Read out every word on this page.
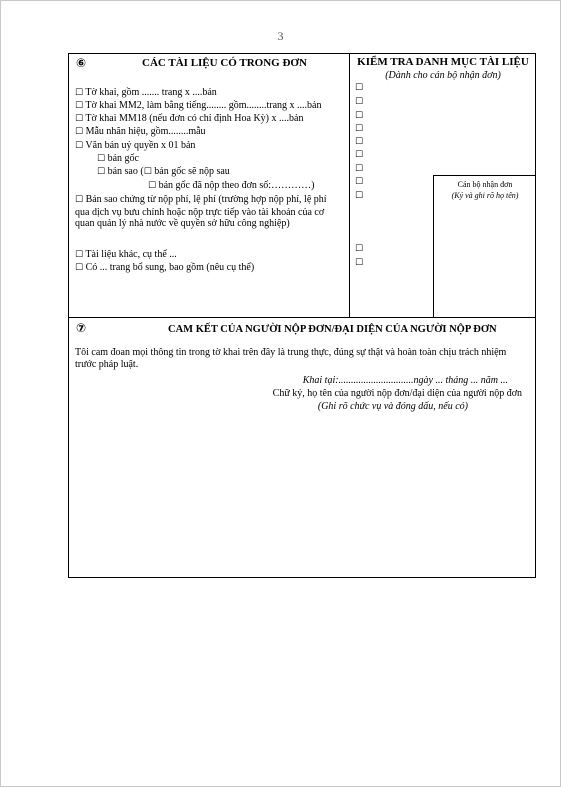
3
⑥	CÁC TÀI LIỆU CÓ TRONG ĐƠN
☐ Tờ khai, gồm ....... trang x ....bản
☐ Tờ khai MM2, làm bằng tiếng........ gồm........trang x ....bản
☐ Tờ khai MM18 (nếu đơn có chỉ định Hoa Kỳ) x ....bản
☐ Mẫu nhãn hiệu, gồm........mẫu
☐ Văn bản uỷ quyền x 01 bản
☐ bản gốc
☐ bản sao (☐ bản gốc sẽ nộp sau
☐ bản gốc đã nộp theo đơn số:…………)
☐ Bản sao chứng từ nộp phí, lệ phí (trường hợp nộp phí, lệ phí qua dịch vụ bưu chính hoặc nộp trực tiếp vào tài khoản của cơ quan quản lý nhà nước về quyền sở hữu công nghiệp)
☐ Tài liệu khác, cụ thể ...
☐ Có ... trang bổ sung, bao gồm (nêu cụ thể)
KIỂM TRA DANH MỤC TÀI LIỆU
(Dành cho cán bộ nhận đơn)
☐
☐
☐
☐
☐
☐
☐
☐
☐
☐
☐
Cán bộ nhận đơn
(Ký và ghi rõ họ tên)
⑦	CAM KẾT CỦA NGƯỜI NỘP ĐƠN/ĐẠI DIỆN CỦA NGƯỜI NỘP ĐƠN
Tôi cam đoan mọi thông tin trong tờ khai trên đây là trung thực, đúng sự thật và hoàn toàn chịu trách nhiệm trước pháp luật.
Khai tại:..............................ngày ... tháng ... năm ...
Chữ ký, họ tên của người nộp đơn/đại diện của người nộp đơn
(Ghi rõ chức vụ và đóng dấu, nếu có)
